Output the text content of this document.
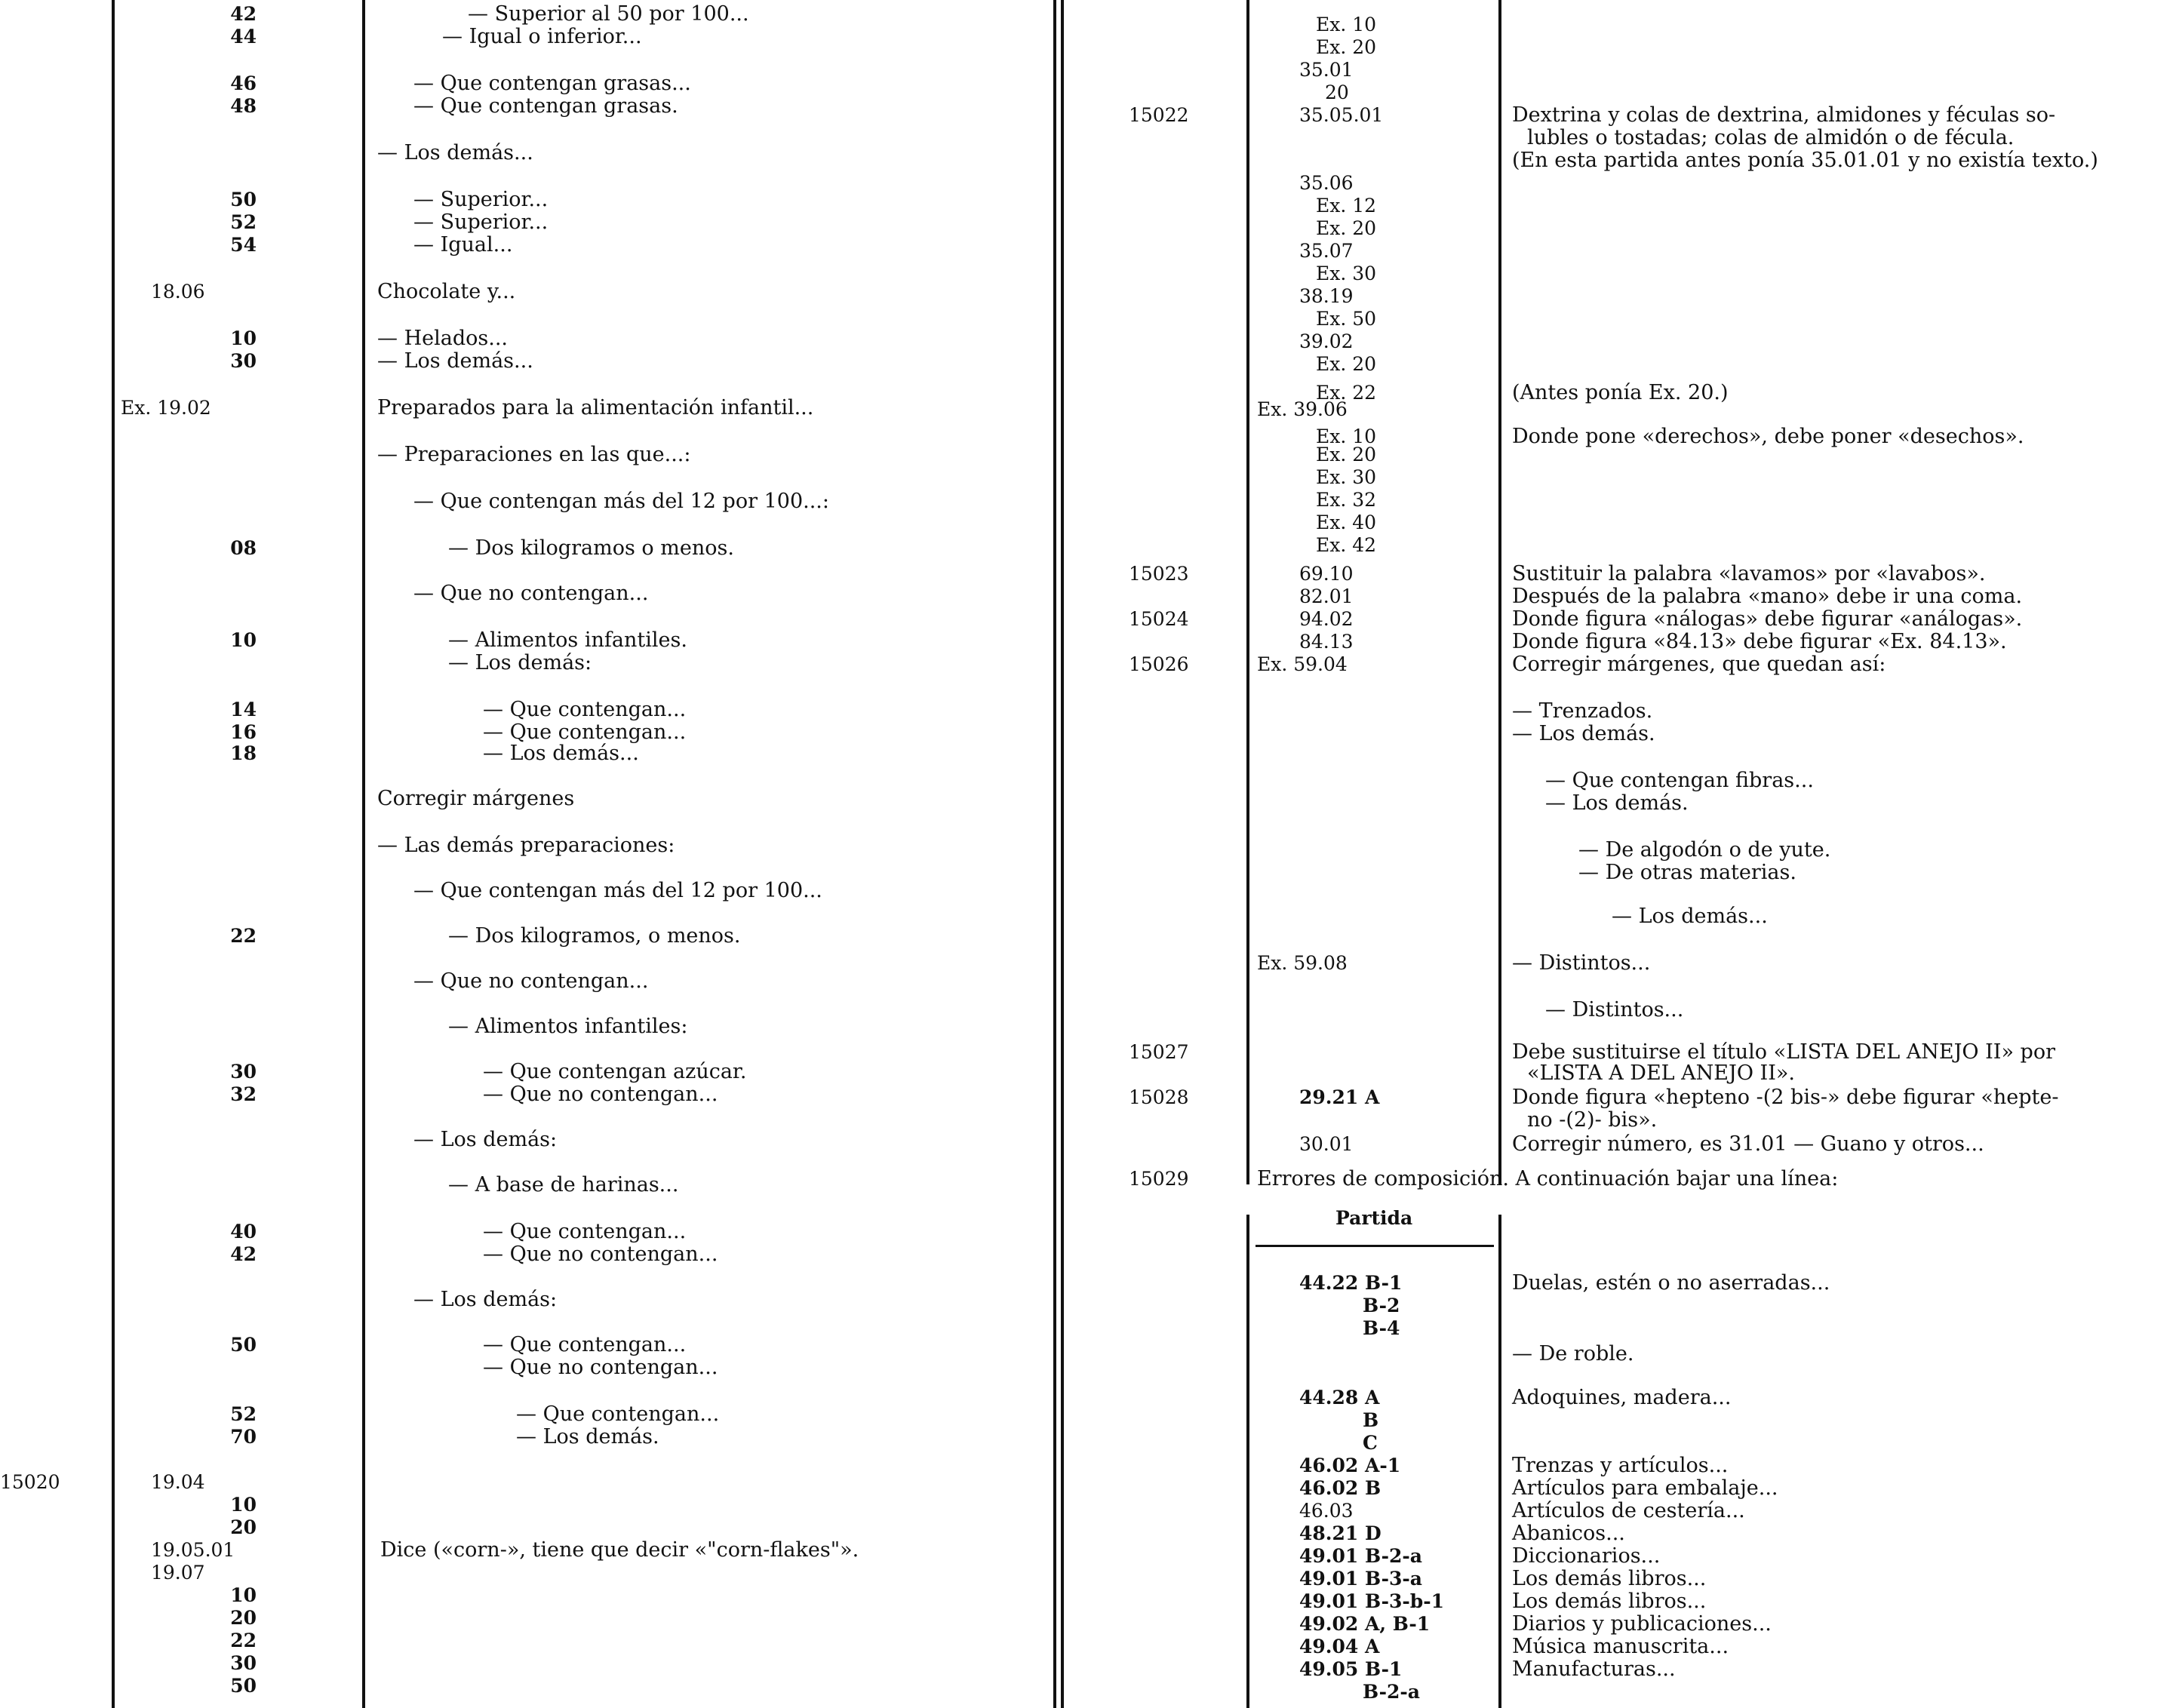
42	— Superior al 50 por 100...
44	— Igual o inferior...
46	— Que contengan grasas...
48	— Que contengan grasas.
— Los demás...
50	— Superior...
52	— Superior...
54	— Igual...
18.06	Chocolate y...
10	— Helados...
30	— Los demás...
Ex. 19.02	Preparados para la alimentación infantil...
— Preparaciones en las que...:
— Que contengan más del 12 por 100...:
08	— Dos kilogramos o menos.
— Que no contengan...
10	— Alimentos infantiles.
— Los demás:
14	— Que contengan...
16	— Que contengan...
18	— Los demás...
Corregir márgenes
— Las demás preparaciones:
— Que contengan más del 12 por 100...
22	— Dos kilogramos, o menos.
— Que no contengan...
— Alimentos infantiles:
30	— Que contengan azúcar.
32	— Que no contengan...
— Los demás:
— A base de harinas...
40	— Que contengan...
42	— Que no contengan...
— Los demás:
50	— Que contengan...
— Que no contengan...
52	— Que contengan...
70	— Los demás.
15020	19.04
10
20
19.05.01	Dice («corn-», tiene que decir «"corn-flakes"».
19.07
10
20
22
30
50
Ex. 10
Ex. 20
35.01
20
15022	35.05.01	Dextrina y colas de dextrina, almidones y féculas so-
lubles o tostadas; colas de almidón o de fécula.
(En esta partida antes ponía 35.01.01 y no existía texto.)
35.06
Ex. 12
Ex. 20
35.07
Ex. 30
38.19
Ex. 50
39.02
Ex. 20
Ex. 22	(Antes ponía Ex. 20.)
Ex. 39.06
Ex. 10	Donde pone «derechos», debe poner «desechos».
Ex. 20
Ex. 30
Ex. 32
Ex. 40
Ex. 42
15023	69.10	Sustituir la palabra «lavamos» por «lavabos».
82.01	Después de la palabra «mano» debe ir una coma.
15024	94.02	Donde figura «nálogas» debe figurar «análogas».
84.13	Donde figura «84.13» debe figurar «Ex. 84.13».
15026	Ex. 59.04	Corregir márgenes, que quedan así:
— Trenzados.
— Los demás.
— Que contengan fibras...
— Los demás.
— De algodón o de yute.
— De otras materias.
— Los demás...
Ex. 59.08	— Distintos...
— Distintos...
15027	Debe sustituirse el título «LISTA DEL ANEJO II» por
«LISTA A DEL ANEJO II».
15028	29.21 A	Donde figura «hepteno -(2 bis-» debe figurar «hepte-
no -(2)- bis».
30.01	Corregir número, es 31.01 — Guano y otros...
15029	Errores de composición. A continuación bajar una línea:
Partida
44.22 B-1	Duelas, estén o no aserradas...
B-2
B-4
— De roble.
44.28 A	Adoquines, madera...
B
C
46.02 A-1	Trenzas y artículos...
46.02 B	Artículos para embalaje...
46.03	Artículos de cestería...
48.21 D	Abanicos...
49.01 B-2-a	Diccionarios...
49.01 B-3-a	Los demás libros...
49.01 B-3-b-1	Los demás libros...
49.02 A, B-1	Diarios y publicaciones...
49.04 A	Música manuscrita...
49.05 B-1	Manufacturas...
B-2-a
